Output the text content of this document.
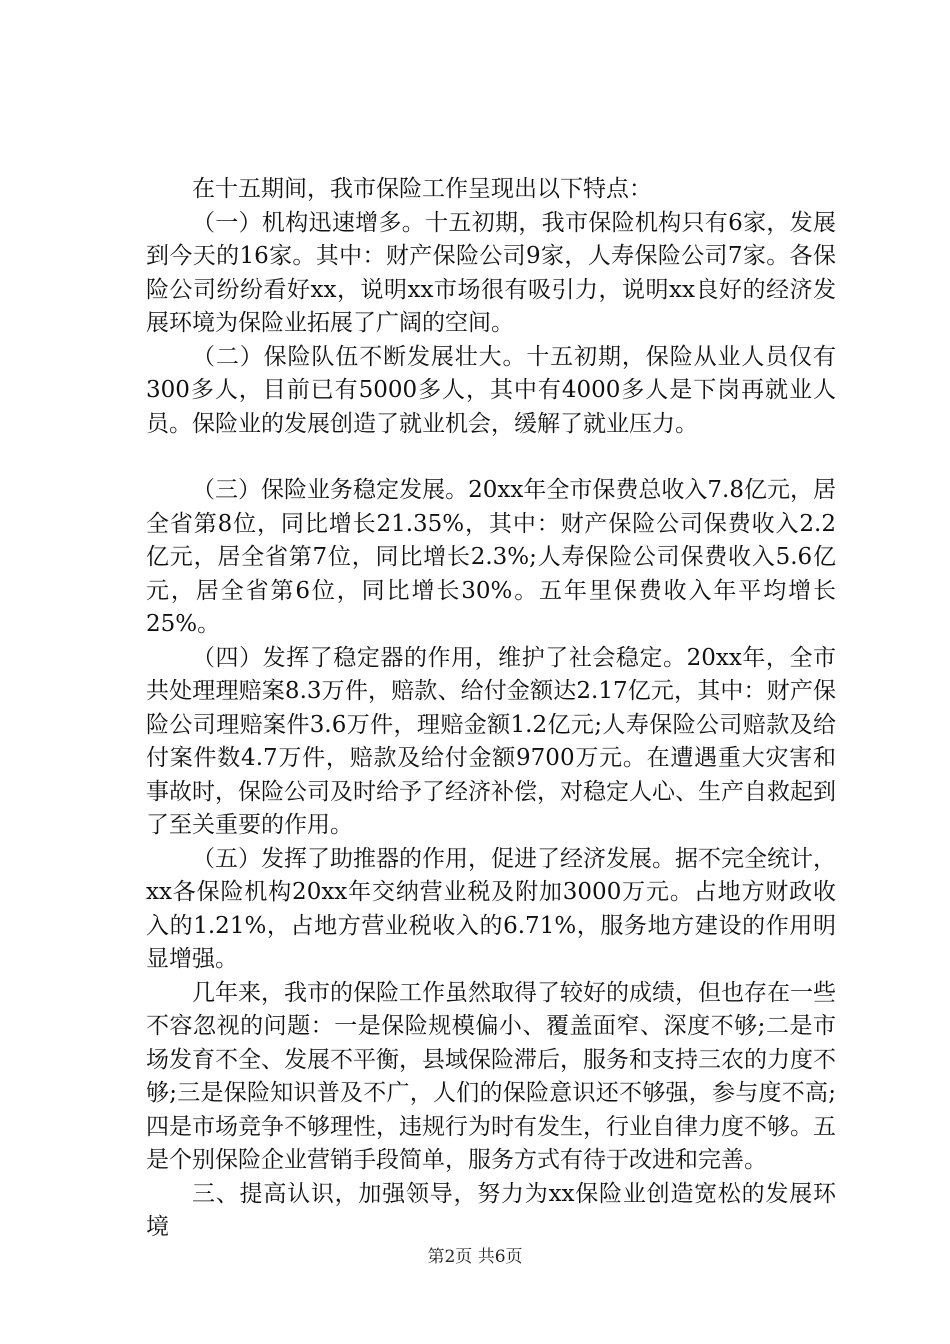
在十五期间，我市保险工作呈现出以下特点：

（一）机构迅速增多。十五初期，我市保险机构只有6家，发展到今天的16家。其中：财产保险公司9家，人寿保险公司7家。各保险公司纷纷看好xx，说明xx市场很有吸引力，说明xx良好的经济发展环境为保险业拓展了广阔的空间。

（二）保险队伍不断发展壮大。十五初期，保险从业人员仅有300多人，目前已有5000多人，其中有4000多人是下岗再就业人员。保险业的发展创造了就业机会，缓解了就业压力。

（三）保险业务稳定发展。20xx年全市保费总收入7.8亿元，居全省第8位，同比增长21.35%，其中：财产保险公司保费收入2.2亿元，居全省第7位，同比增长2.3%;人寿保险公司保费收入5.6亿元，居全省第6位，同比增长30%。五年里保费收入年平均增长25%。

（四）发挥了稳定器的作用，维护了社会稳定。20xx年，全市共处理理赔案8.3万件，赔款、给付金额达2.17亿元，其中：财产保险公司理赔案件3.6万件，理赔金额1.2亿元;人寿保险公司赔款及给付案件数4.7万件，赔款及给付金额9700万元。在遭遇重大灾害和事故时，保险公司及时给予了经济补偿，对稳定人心、生产自救起到了至关重要的作用。

（五）发挥了助推器的作用，促进了经济发展。据不完全统计，xx各保险机构20xx年交纳营业税及附加3000万元。占地方财政收入的1.21%，占地方营业税收入的6.71%，服务地方建设的作用明显增强。

几年来，我市的保险工作虽然取得了较好的成绩，但也存在一些不容忽视的问题：一是保险规模偏小、覆盖面窄、深度不够;二是市场发育不全、发展不平衡，县域保险滞后，服务和支持三农的力度不够;三是保险知识普及不广，人们的保险意识还不够强，参与度不高;四是市场竞争不够理性，违规行为时有发生，行业自律力度不够。五是个别保险企业营销手段简单，服务方式有待于改进和完善。

三、提高认识，加强领导，努力为xx保险业创造宽松的发展环境

第2页 共6页
